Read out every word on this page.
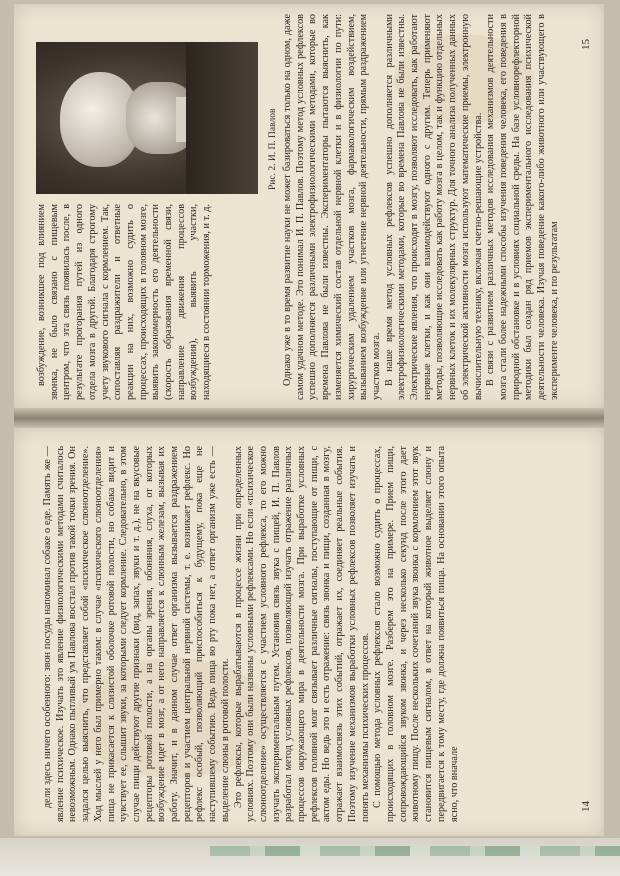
15
Рис. 2. И. П. Павлов

возбуждение, возникшее под влиянием звонка, не было связано с пищевым центром, что эта связь появилась после, в результате прогорания путей из одного отдела мозга в другой. Благодаря строгому учету звукового сигнала с кормлением. Так, сопоставляя раздражители и ответные реакции на них, возможно судить о процессах, происходящих в головном мозге, выявить закономерность его деятельности (скорость образования временной связи, направление движения процессов возбуждения), выявить участки, находящиеся в состоянии торможения, и т. д.	Однако уже в то время развитие науки не может базироваться только на одном, даже самом удачном методе. Это понимал И. П. Павлов. Поэтому метод условных рефлексов успешно дополняется различными электрофизиологическими методами, которые во времена Павлова не были известны. Экспериментаторы пытаются выяснить, как изменяется химический состав отдельной нервной клетки и в физиологии по пути: хирургическим удалением участков мозга, фармакологическим воздействием, вызыванием возбуждение или угнетение нервной деятельности, прямым раздражением участков мозга. В наше время метод условных рефлексов успешно дополняется различными электрофизиологическими методами, которые во времена Павлова не были известны. Электрические явления, что происходят в мозгу, позволяют исследовать, как работают нервные клетки, и как они взаимодействуют одного с другим. Теперь применяют методы, позволяющие исследовать как работу мозга в целом, так и функцию отдельных нервных клеток и их молекулярных структур. Для точного анализа полученных данных об электрической активности мозга используют математические приемы, электронную вычислительную технику, включая счетно-решающие устройства. В связи с развитием различных методов исследования механизмов деятельности мозга стали более надежными способы изучения поведения человека, его поведения в природной обстановке и в условиях социальной среды. На базе условнорефлекторной методики был создан ряд приемов экспериментального исследования психической деятельности человека. Изучая поведение какого-либо животного или участвующего в эксперименте человека, и по результатам

дели здесь ничего особенного: звон посуды напоминал собаке о еде. Память же — явление психическое. Изучать это явление физиологическими методами считалось невозможным. Однако пытливый ум Павлова восстал против такой точки зрения. Он задался целью выяснить, что представляет собой «психическое слюноотделение». Ход мыслей у него был примерно таким: в случае «психического слюноотделения» пища не прикасается к слизистой оболочке ротовой полости, но собака видит и чувствует ее, слышит звуки, за которыми следует кормление. Следовательно, в этом случае пищи действуют другие признаки (вид, запах, звуки и т. д.), не на вкусовые рецепторы ротовой полости, а на органы зрения, обоняния, слуха, от которых возбуждение идет в мозг, а от него направляется к слюнным железам, вызывая их работу. Значит, и в данном случае ответ организма вызывается раздражением рецепторов и участием центральной нервной системы, т. е. возникает рефлекс. Но рефлекс особый, позволяющий приспособиться к будущему, пока еще не наступившему событию. Ведь пища во рту пока нет, а ответ организм уже есть — выделение слюны в ротовой полости. Это рефлексы, которые вырабатываются в процессе жизни при определенных условиях. Поэтому они были названы условными рефлексами. Но если «психическое слюноотделение» осуществляется с участием условного рефлекса, то его можно изучать экспериментальным путем. Установив связь звука с пищей, И. П. Павлов разработал метод условных рефлексов, позволяющий изучать отражение различных процессов окружающего мира в деятельности мозга. При выработке условных рефлексов головной мозг связывает различные сигналы, поступающие от пищи, с актом еды. Но ведь это и есть отражение: связь звонка и пищи, созданная в мозгу, отражает взаимосвязь этих событий, отражает их, соединяет реальные события. Поэтому изучение механизмов выработки условных рефлексов позволяет изучать и понять механизмы психических процессов. С помощью метода условных рефлексов стало возможно судить о процессах, происходящих в головном мозге. Разберем это на примере. Прием пищи, сопровождающийся звуком звонка, и через несколько секунд после этого дает животному пищу. После нескольких сочетаний звука звонка с кормлением этот звук становится пищевым сигналом, в ответ на который животное выделяет слюну и передвигается к тому месту, где должна появиться пища. На основании этого опыта ясно, что вначале	14
